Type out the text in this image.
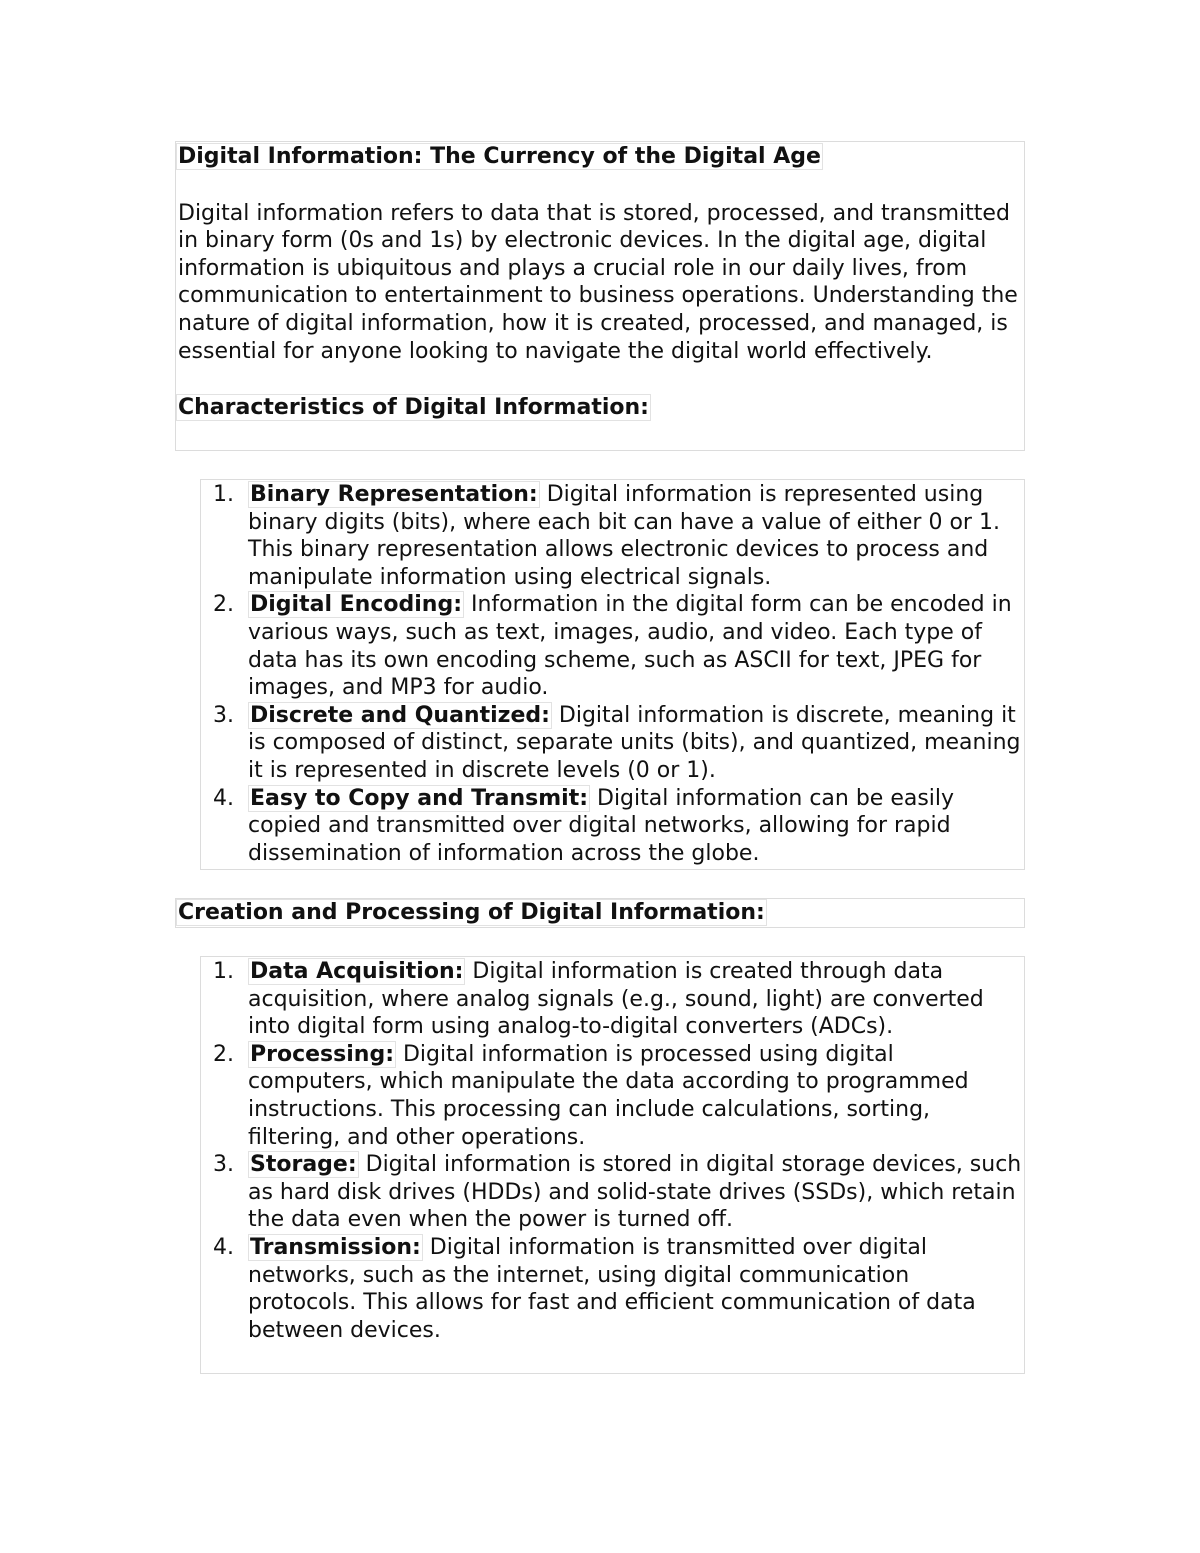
Digital Information: The Currency of the Digital Age

Digital information refers to data that is stored, processed, and transmitted in binary form (0s and 1s) by electronic devices. In the digital age, digital information is ubiquitous and plays a crucial role in our daily lives, from communication to entertainment to business operations. Understanding the nature of digital information, how it is created, processed, and managed, is essential for anyone looking to navigate the digital world effectively.

Characteristics of Digital Information:
1. Binary Representation: Digital information is represented using binary digits (bits), where each bit can have a value of either 0 or 1. This binary representation allows electronic devices to process and manipulate information using electrical signals.
2. Digital Encoding: Information in the digital form can be encoded in various ways, such as text, images, audio, and video. Each type of data has its own encoding scheme, such as ASCII for text, JPEG for images, and MP3 for audio.
3. Discrete and Quantized: Digital information is discrete, meaning it is composed of distinct, separate units (bits), and quantized, meaning it is represented in discrete levels (0 or 1).
4. Easy to Copy and Transmit: Digital information can be easily copied and transmitted over digital networks, allowing for rapid dissemination of information across the globe.
Creation and Processing of Digital Information:
1. Data Acquisition: Digital information is created through data acquisition, where analog signals (e.g., sound, light) are converted into digital form using analog-to-digital converters (ADCs).
2. Processing: Digital information is processed using digital computers, which manipulate the data according to programmed instructions. This processing can include calculations, sorting, filtering, and other operations.
3. Storage: Digital information is stored in digital storage devices, such as hard disk drives (HDDs) and solid-state drives (SSDs), which retain the data even when the power is turned off.
4. Transmission: Digital information is transmitted over digital networks, such as the internet, using digital communication protocols. This allows for fast and efficient communication of data between devices.
